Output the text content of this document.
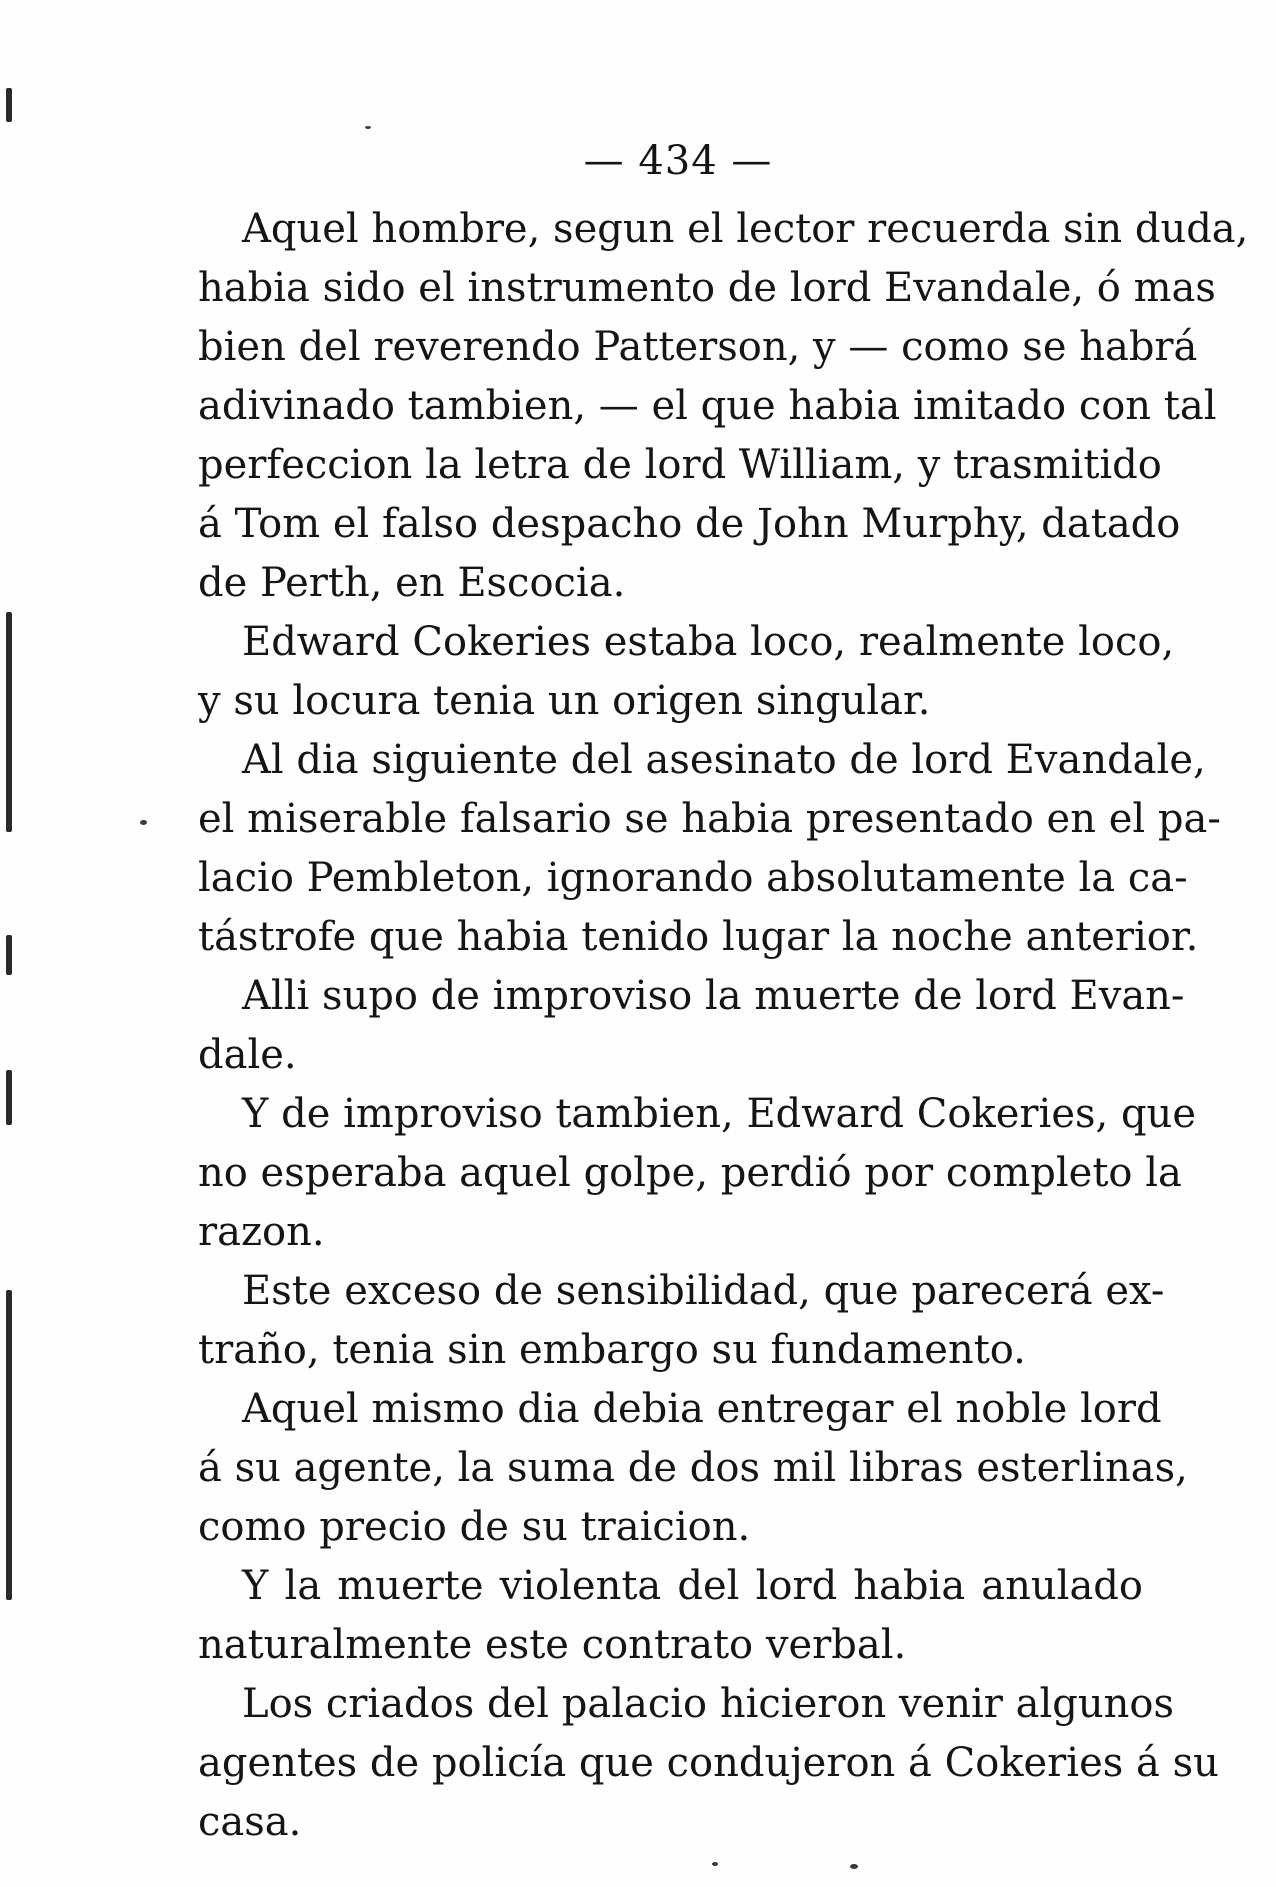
— 434 —
Aquel hombre, segun el lector recuerda sin duda,
habia sido el instrumento de lord Evandale, ó mas
bien del reverendo Patterson, y — como se habrá
adivinado tambien, — el que habia imitado con tal
perfeccion la letra de lord William, y trasmitido
á Tom el falso despacho de John Murphy, datado
de Perth, en Escocia.
Edward Cokeries estaba loco, realmente loco,
y su locura tenia un origen singular.
Al dia siguiente del asesinato de lord Evandale,
el miserable falsario se habia presentado en el pa-
lacio Pembleton, ignorando absolutamente la ca-
tástrofe que habia tenido lugar la noche anterior.
Alli supo de improviso la muerte de lord Evan-
dale.
Y de improviso tambien, Edward Cokeries, que
no esperaba aquel golpe, perdió por completo la
razon.
Este exceso de sensibilidad, que parecerá ex-
traño, tenia sin embargo su fundamento.
Aquel mismo dia debia entregar el noble lord
á su agente, la suma de dos mil libras esterlinas,
como precio de su traicion.
Y la muerte violenta del lord habia anulado
naturalmente este contrato verbal.
Los criados del palacio hicieron venir algunos
agentes de policía que condujeron á Cokeries á su
casa.
